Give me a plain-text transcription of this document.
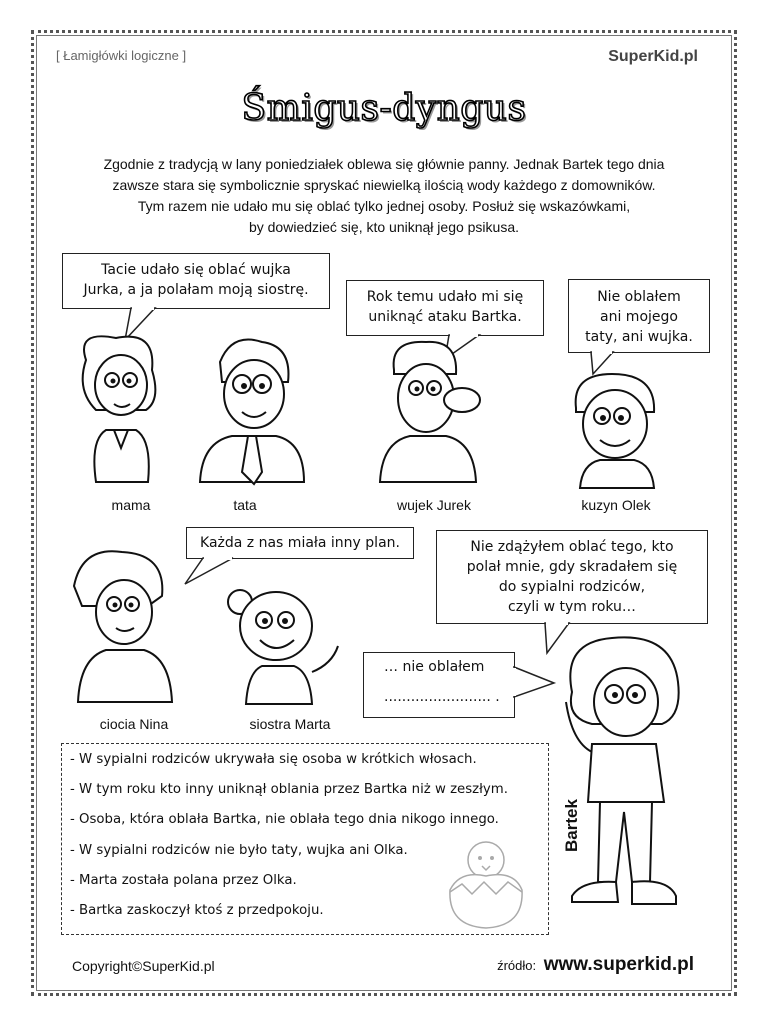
[ Łamigłówki logiczne ]	SuperKid.pl
Śmigus-dyngus
Zgodnie z tradycją w lany poniedziałek oblewa się głównie panny. Jednak Bartek tego dnia
zawsze stara się symbolicznie spryskać niewielką ilością wody każdego z domowników.
Tym razem nie udało mu się oblać tylko jednej osoby. Posłuż się wskazówkami,
by dowiedzieć się, kto uniknął jego psikusa.
Tacie udało się oblać wujka
Jurka, a ja polałam moją siostrę.	Rok temu udało mi się
uniknąć ataku Bartka.
Nie oblałem
ani mojego
taty, ani wujka.
Każda z nas miała inny plan.	Nie zdążyłem oblać tego, kto
polał mnie, gdy skradałem się
do sypialni rodziców,
czyli w tym roku…
… nie oblałem
........................ .
mama	tata	wujek Jurek	kuzyn Olek
ciocia Nina	siostra Marta
Bartek
- W sypialni rodziców ukrywała się osoba w krótkich włosach.
- W tym roku kto inny uniknął oblania przez Bartka niż w zeszłym.
- Osoba, która oblała Bartka, nie oblała tego dnia nikogo innego.
- W sypialni rodziców nie było taty, wujka ani Olka.
- Marta została polana przez Olka.
- Bartka zaskoczył ktoś z przedpokoju.
Copyright©SuperKid.pl	źródło: www.superkid.pl
